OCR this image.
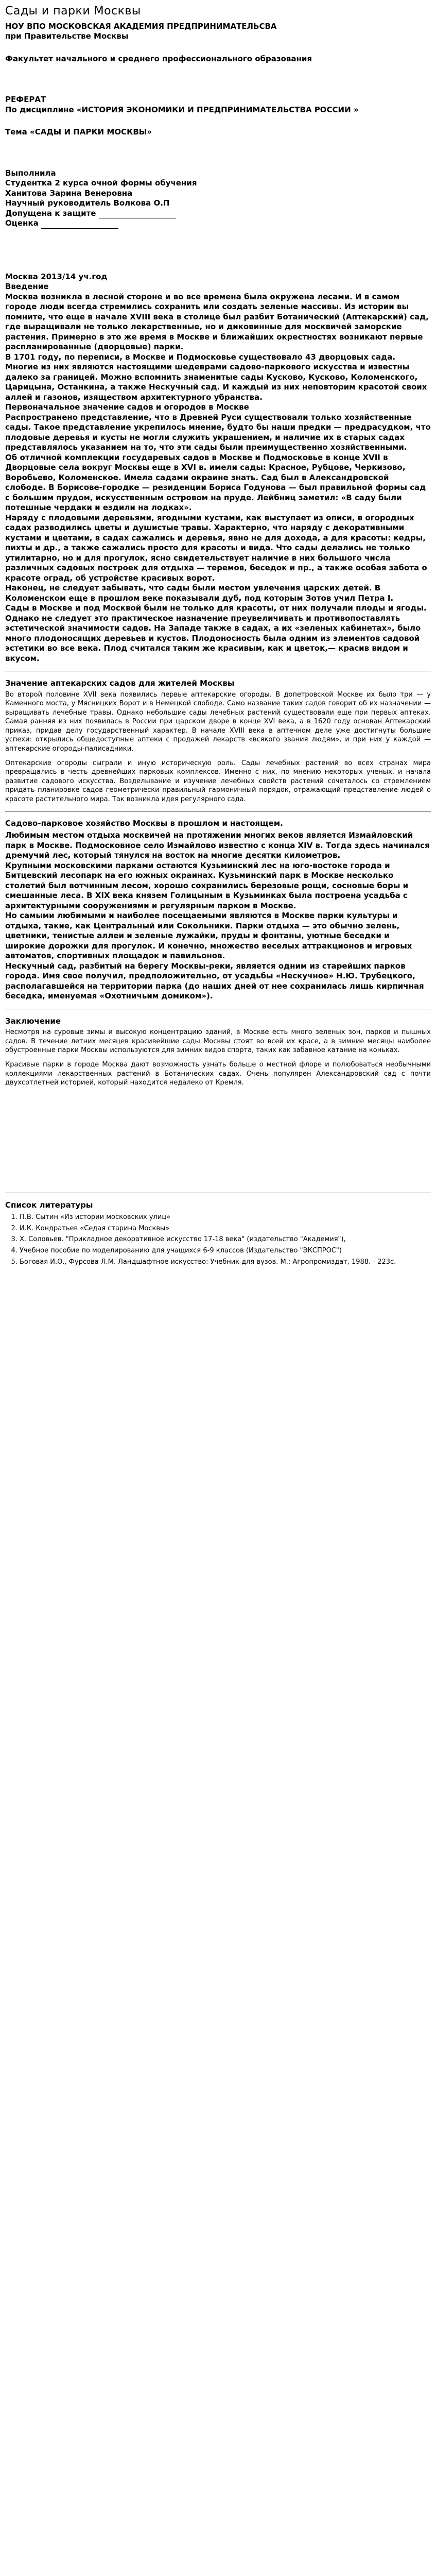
Сады и парки Москвы

НОУ ВПО МОСКОВСКАЯ АКАДЕМИЯ ПРЕДПРИНИМАТЕЛЬСВА

при Правительстве Москвы

Факультет начального и среднего профессионального образования

РЕФЕРАТ

По дисциплине «ИСТОРИЯ ЭКОНОМИКИ И ПРЕДПРИНИМАТЕЛЬСТВА РОССИИ »

Тема «САДЫ И ПАРКИ МОСКВЫ»

Выполнила

Студентка 2 курса очной формы обучения

Ханитова Зарина Венеровна

Научный руководитель Волкова О.П

Допущена к защите

Оценка

Москва 2013/14 уч.год

Введение

Москва возникла в лесной стороне и во все времена была окружена лесами. И в самом городе люди всегда стремились сохранить или создать зеленые массивы. Из истории вы помните, что еще в начале XVIII века в столице был разбит Ботанический (Аптекарский) сад, где выращивали не только лекарственные, но и диковинные для москвичей заморские растения. Примерно в это же время в Москве и ближайших окрестностях возникают первые распланированные (дворцовые) парки.

В 1701 году, по переписи, в Москве и Подмосковье существовало 43 дворцовых сада. Многие из них являются настоящими шедеврами садово-паркового искусства и известны далеко за границей. Можно вспомнить знаменитые сады Кусково, Кусково, Коломенского, Царицына, Останкина, а также Нескучный сад. И каждый из них неповторим красотой своих аллей и газонов, изяществом архитектурного убранства.

Первоначальное значение садов и огородов в Москве

Распространено представление, что в Древней Руси существовали только хозяйственные сады. Такое представление укрепилось мнение, будто бы наши предки — предрасудком, что плодовые деревья и кусты не могли служить украшением, и наличие их в старых садах представлялось указанием на то, что эти сады были преимущественно хозяйственными.

Об отличной комплекции государевых садов в Москве и Подмосковье в конце XVII в

Дворцовые села вокруг Москвы еще в XVI в. имели сады: Красное, Рубцове, Черкизово, Воробьево, Коломенское. Имела садами окраине знать. Сад был в Александровской слободе. В Борисове-городке — резиденции Бориса Годунова — был правильной формы сад с большим прудом, искусственным островом на пруде. Лейбниц заметил: «В саду были потешные чердаки и ездили на лодках».

Наряду с плодовыми деревьями, ягодными кустами, как выступает из описи, в огородных садах разводились цветы и душистые травы. Характерно, что наряду с декоративными кустами и цветами, в садах сажались и деревья, явно не для дохода, а для красоты: кедры, пихты и др., а также сажались просто для красоты и вида. Что сады делались не только утилитарно, но и для прогулок, ясно свидетельствует наличие в них большого числа различных садовых построек для отдыха — теремов, беседок и пр., а также особая забота о красоте оград, об устройстве красивых ворот.

Наконец, не следует забывать, что сады были местом увлечения царских детей. В Коломенском еще в прошлом веке показывали дуб, под которым Зотов учил Петра I.

Сады в Москве и под Москвой были не только для красоты, от них получали плоды и ягоды. Однако не следует это практическое назначение преувеличивать и противопоставлять эстетической значимости садов. На Западе также в садах, а их «зеленых кабинетах», было много плодоносящих деревьев и кустов. Плодоносность была одним из элементов садовой эстетики во все века. Плод считался таким же красивым, как и цветок,— красив видом и вкусом.

Значение аптекарских садов для жителей Москвы

Во второй половине XVII века появились первые аптекарские огороды. В допетровской Москве их было три — у Каменного моста, у Мясницких Ворот и в Немецкой слободе. Само название таких садов говорит об их назначении — выращивать лечебные травы. Однако небольшие сады лечебных растений существовали еще при первых аптеках. Самая ранняя из них появилась в России при царском дворе в конце XVI века, а в 1620 году основан Аптекарский приказ, придав делу государственный характер. В начале XVIII века в аптечном деле уже достигнуты большие успехи: открылись общедоступные аптеки с продажей лекарств «всякого звания людям», и при них у каждой — аптекарские огороды-палисадники.

Оптекарские огороды сыграли и иную историческую роль. Сады лечебных растений во всех странах мира превращались в честь древнейших парковых комплексов. Именно с них, по мнению некоторых ученых, и начала развитие садового искусства. Возделывание и изучение лечебных свойств растений сочеталось со стремлением придать планировке садов геометрически правильный гармоничный порядок, отражающий представление людей о красоте растительного мира. Так возникла идея регулярного сада.

Садово-парковое хозяйство Москвы в прошлом и настоящем.

Любимым местом отдыха москвичей на протяжении многих веков является Измайловский парк в Москве. Подмосковное село Измайлово известно с конца XIV в. Тогда здесь начинался дремучий лес, который тянулся на восток на многие десятки километров.

Крупными московскими парками остаются Кузьминский лес на юго-востоке города и Битцевский лесопарк на его южных окраинах. Кузьминский парк в Москве несколько столетий был вотчинным лесом, хорошо сохранились березовые рощи, сосновые боры и смешанные леса. В XIX века князем Голицыным в Кузьминках была построена усадьба с архитектурными сооружениями и регулярным парком в Москве.

Но самыми любимыми и наиболее посещаемыми являются в Москве парки культуры и отдыха, такие, как Центральный или Сокольники. Парки отдыха — это обычно зелень, цветники, тенистые аллеи и зеленые лужайки, пруды и фонтаны, уютные беседки и широкие дорожки для прогулок. И конечно, множество веселых аттракционов и игровых автоматов, спортивных площадок и павильонов.

Нескучный сад, разбитый на берегу Москвы-реки, является одним из старейших парков города. Имя свое получил, предположительно, от усадьбы «Нескучное» Н.Ю. Трубецкого, располагавшейся на территории парка (до наших дней от нее сохранилась лишь кирпичная беседка, именуемая «Охотничьим домиком»).

Заключение

Несмотря на суровые зимы и высокую концентрацию зданий, в Москве есть много зеленых зон, парков и пышных садов. В течение летних месяцев красивейшие сады Москвы стоят во всей их красе, а в зимние месяцы наиболее обустроенные парки Москвы используются для зимних видов спорта, таких как забавное катание на коньках.

Красивые парки в городе Москва дают возможность узнать больше о местной флоре и полюбоваться необычными коллекциями лекарственных растений в Ботанических садах. Очень популярен Александровский сад с почти двухсотлетней историей, который находится недалеко от Кремля.

Список литературы

1. П.В. Сытин «Из истории московских улиц»
2. И.К. Кондратьев «Седая старина Москвы»
3. Х. Соловьев. "Прикладное декоративное искусство 17-18 века" (издательство "Академия"),
4. Учебное пособие по моделированию для учащихся 6-9 классов (Издательство "ЭКСПРОС")
5. Боговая И.О., Фурсова Л.М. Ландшафтное искусство: Учебник для вузов. М.: Агропромиздат, 1988. - 223с.
